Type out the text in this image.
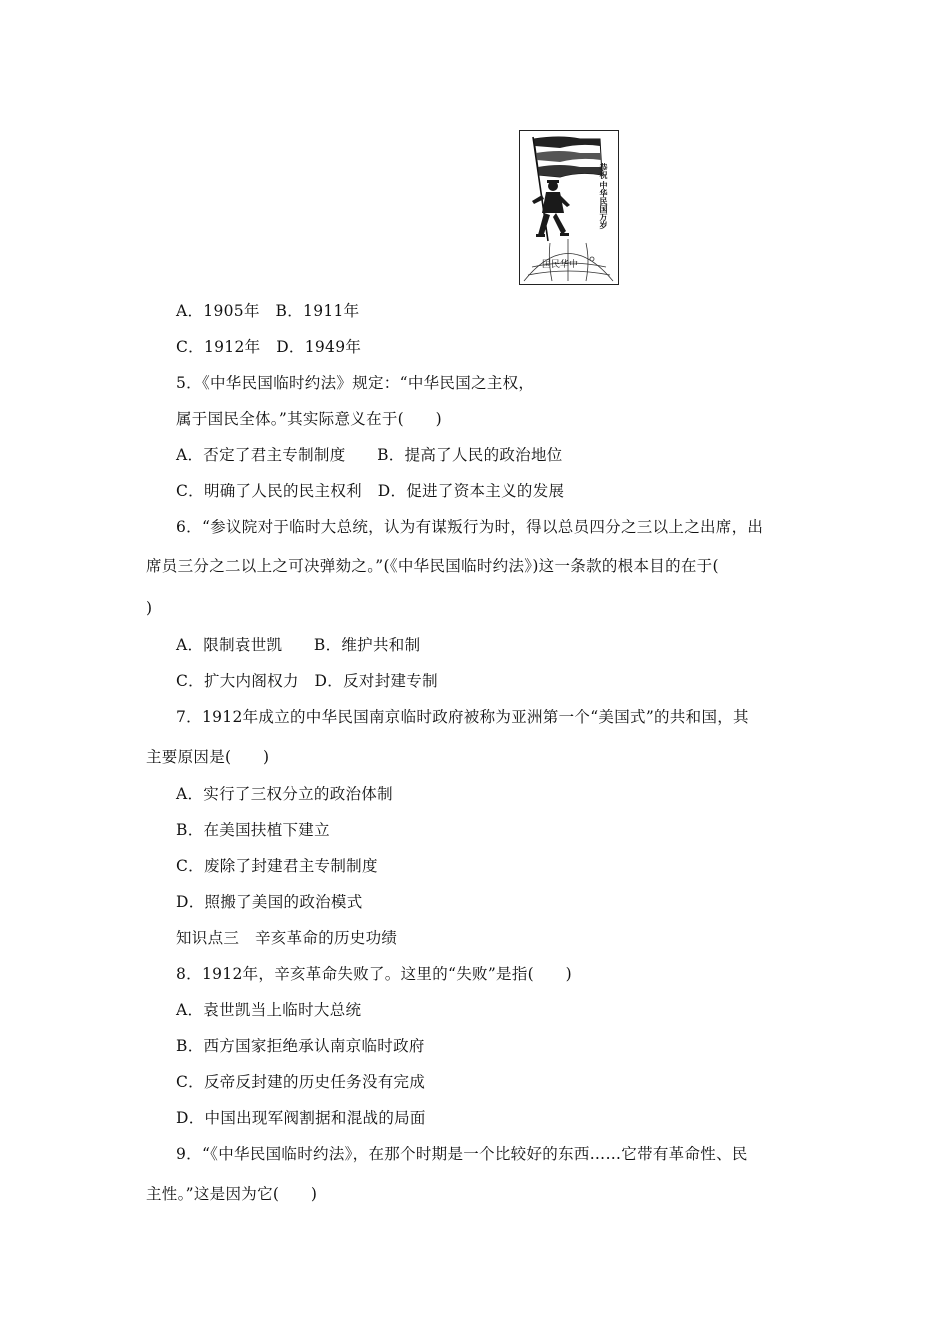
恭祝
中华民国万岁
国民华中
A．1905年　B．1911年
C．1912年　D．1949年
5．《中华民国临时约法》规定：“中华民国之主权，
属于国民全体。”其实际意义在于(　　)
A．否定了君主专制制度　　B．提高了人民的政治地位
C．明确了人民的民主权利　D．促进了资本主义的发展
6．“参议院对于临时大总统，认为有谋叛行为时，得以总员四分之三以上之出席，出
席员三分之二以上之可决弹劾之。”(《中华民国临时约法》)这一条款的根本目的在于(
)
A．限制袁世凯　　B．维护共和制
C．扩大内阁权力　D．反对封建专制
7．1912年成立的中华民国南京临时政府被称为亚洲第一个“美国式”的共和国，其
主要原因是(　　)
A．实行了三权分立的政治体制
B．在美国扶植下建立
C．废除了封建君主专制制度
D．照搬了美国的政治模式
知识点三　辛亥革命的历史功绩
8．1912年，辛亥革命失败了。这里的“失败”是指(　　)
A．袁世凯当上临时大总统
B．西方国家拒绝承认南京临时政府
C．反帝反封建的历史任务没有完成
D．中国出现军阀割据和混战的局面
9．“《中华民国临时约法》，在那个时期是一个比较好的东西……它带有革命性、民
主性。”这是因为它(　　)
